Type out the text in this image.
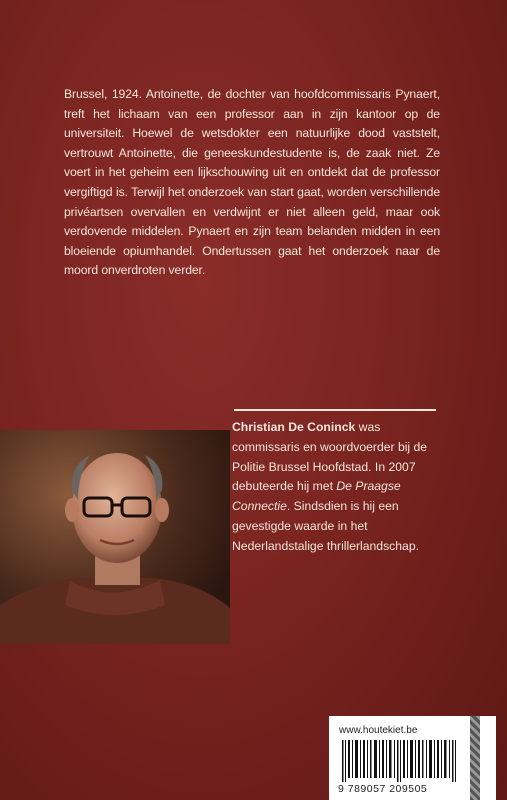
Brussel, 1924. Antoinette, de dochter van hoofdcommissaris Pynaert, treft het lichaam van een professor aan in zijn kantoor op de universiteit. Hoewel de wetsdokter een natuurlijke dood vaststelt, vertrouwt Antoinette, die geneeskundestudente is, de zaak niet. Ze voert in het geheim een lijkschouwing uit en ontdekt dat de professor vergiftigd is. Terwijl het onderzoek van start gaat, worden verschillende privéartsen overvallen en verdwijnt er niet alleen geld, maar ook verdovende middelen. Pynaert en zijn team belanden midden in een bloeiende opiumhandel. Ondertussen gaat het onderzoek naar de moord onverdroten verder.
Christian De Coninck was commissaris en woordvoerder bij de Politie Brussel Hoofdstad. In 2007 debuteerde hij met De Praagse Connectie. Sindsdien is hij een gevestigde waarde in het Nederlandstalige thrillerlandschap.
www.houtekiet.be
9 789057 209505
